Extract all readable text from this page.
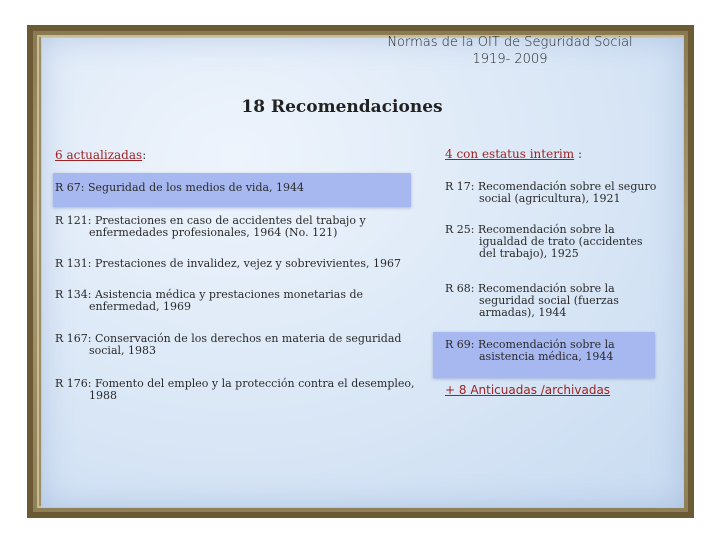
Normas de la OIT de Seguridad Social
1919- 2009
18 Recomendaciones
6 actualizadas:	4 con estatus interim :
R 67: Seguridad de los medios de vida, 1944
R 121: Prestaciones en caso de accidentes del trabajo y enfermedades profesionales, 1964 (No. 121)
R 131: Prestaciones de invalidez, vejez y sobrevivientes, 1967
R 134: Asistencia médica y prestaciones monetarias de enfermedad, 1969
R 167: Conservación de los derechos en materia de seguridad social, 1983
R 176: Fomento del empleo y la protección contra el desempleo, 1988
R 17: Recomendación sobre el seguro social (agricultura), 1921
R 25: Recomendación sobre la igualdad de trato (accidentes del trabajo), 1925
R 68: Recomendación sobre la seguridad social (fuerzas armadas), 1944
R 69: Recomendación sobre la asistencia médica, 1944
+ 8 Anticuadas /archivadas
